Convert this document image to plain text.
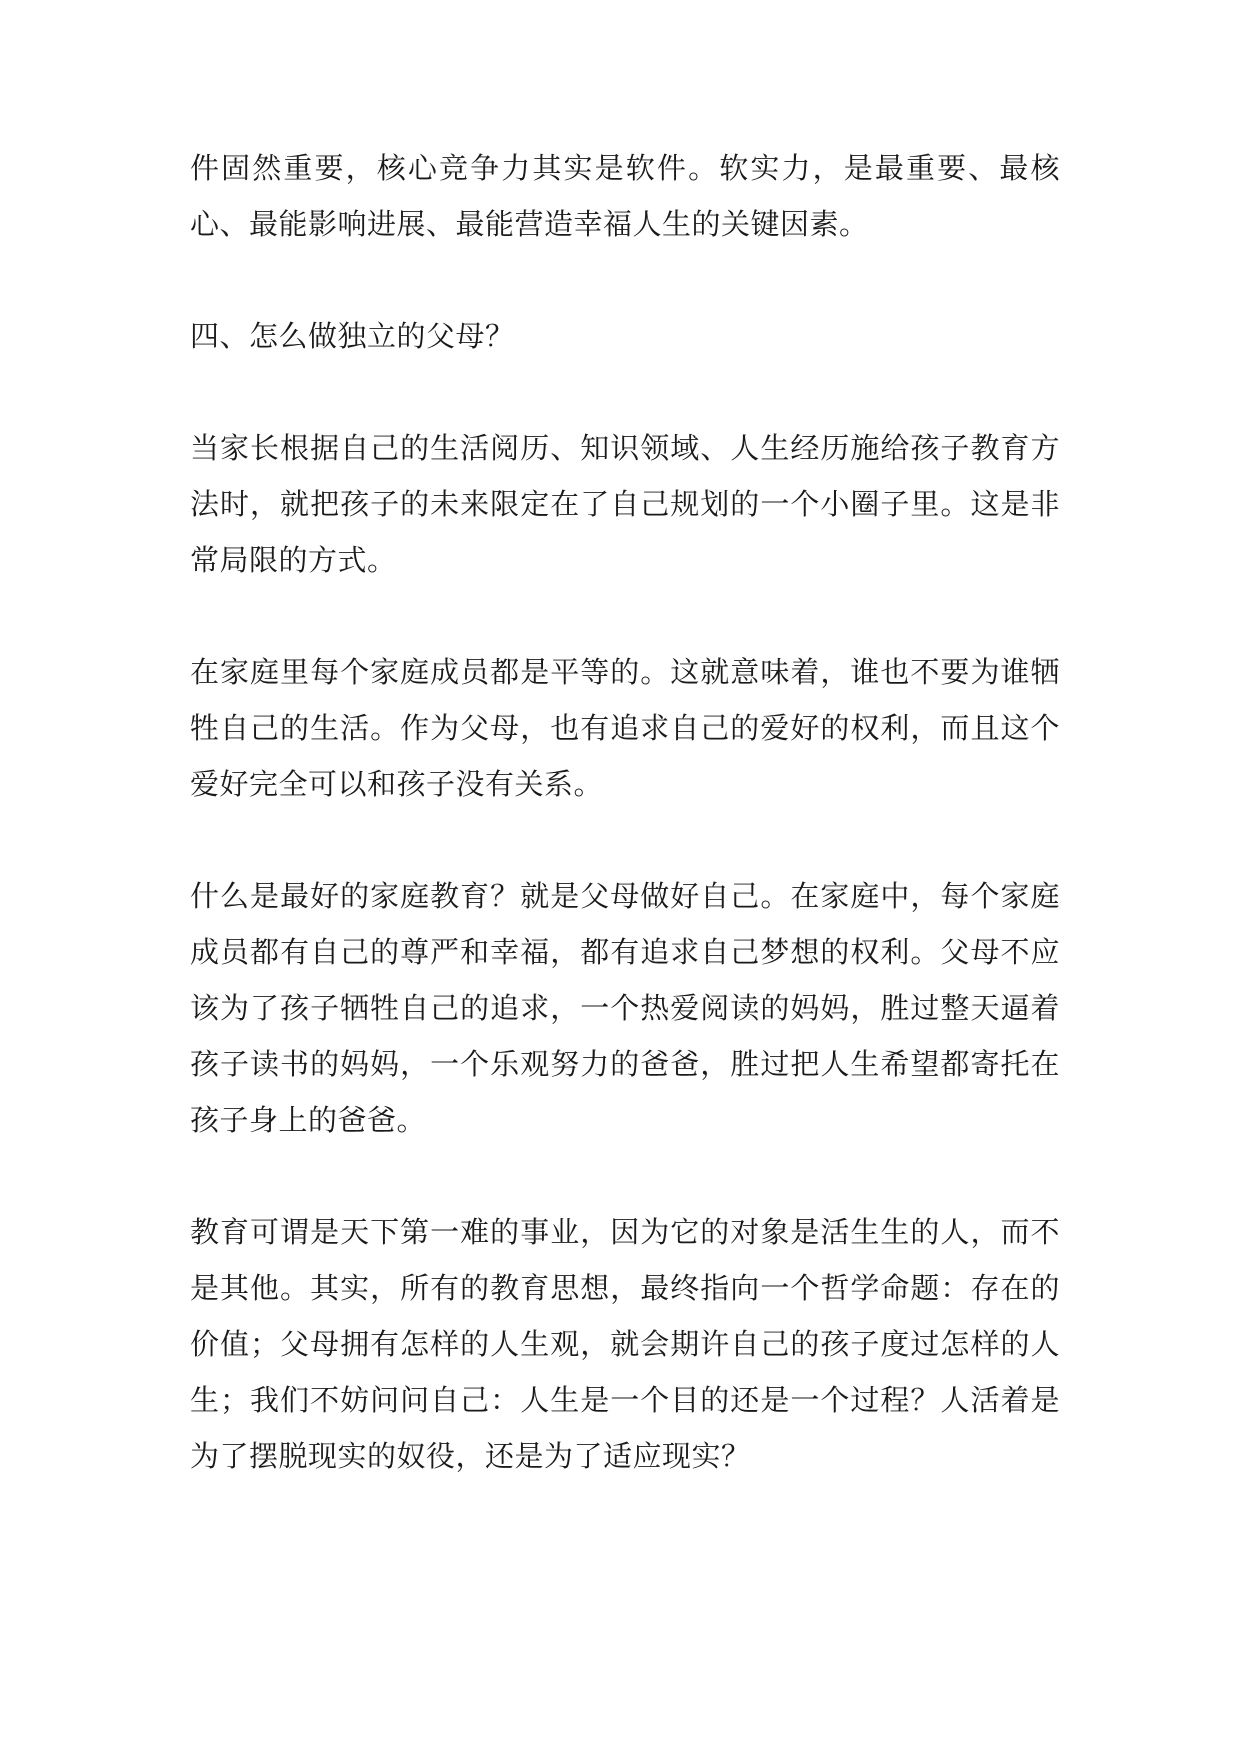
件固然重要，核心竞争力其实是软件。软实力，是最重要、最核心、最能影响进展、最能营造幸福人生的关键因素。

四、怎么做独立的父母？

当家长根据自己的生活阅历、知识领域、人生经历施给孩子教育方法时，就把孩子的未来限定在了自己规划的一个小圈子里。这是非常局限的方式。

在家庭里每个家庭成员都是平等的。这就意味着，谁也不要为谁牺牲自己的生活。作为父母，也有追求自己的爱好的权利，而且这个爱好完全可以和孩子没有关系。

什么是最好的家庭教育？就是父母做好自己。在家庭中，每个家庭成员都有自己的尊严和幸福，都有追求自己梦想的权利。父母不应该为了孩子牺牲自己的追求，一个热爱阅读的妈妈，胜过整天逼着孩子读书的妈妈，一个乐观努力的爸爸，胜过把人生希望都寄托在孩子身上的爸爸。

教育可谓是天下第一难的事业，因为它的对象是活生生的人，而不是其他。其实，所有的教育思想，最终指向一个哲学命题：存在的价值；父母拥有怎样的人生观，就会期许自己的孩子度过怎样的人生；我们不妨问问自己：人生是一个目的还是一个过程？人活着是为了摆脱现实的奴役，还是为了适应现实？
